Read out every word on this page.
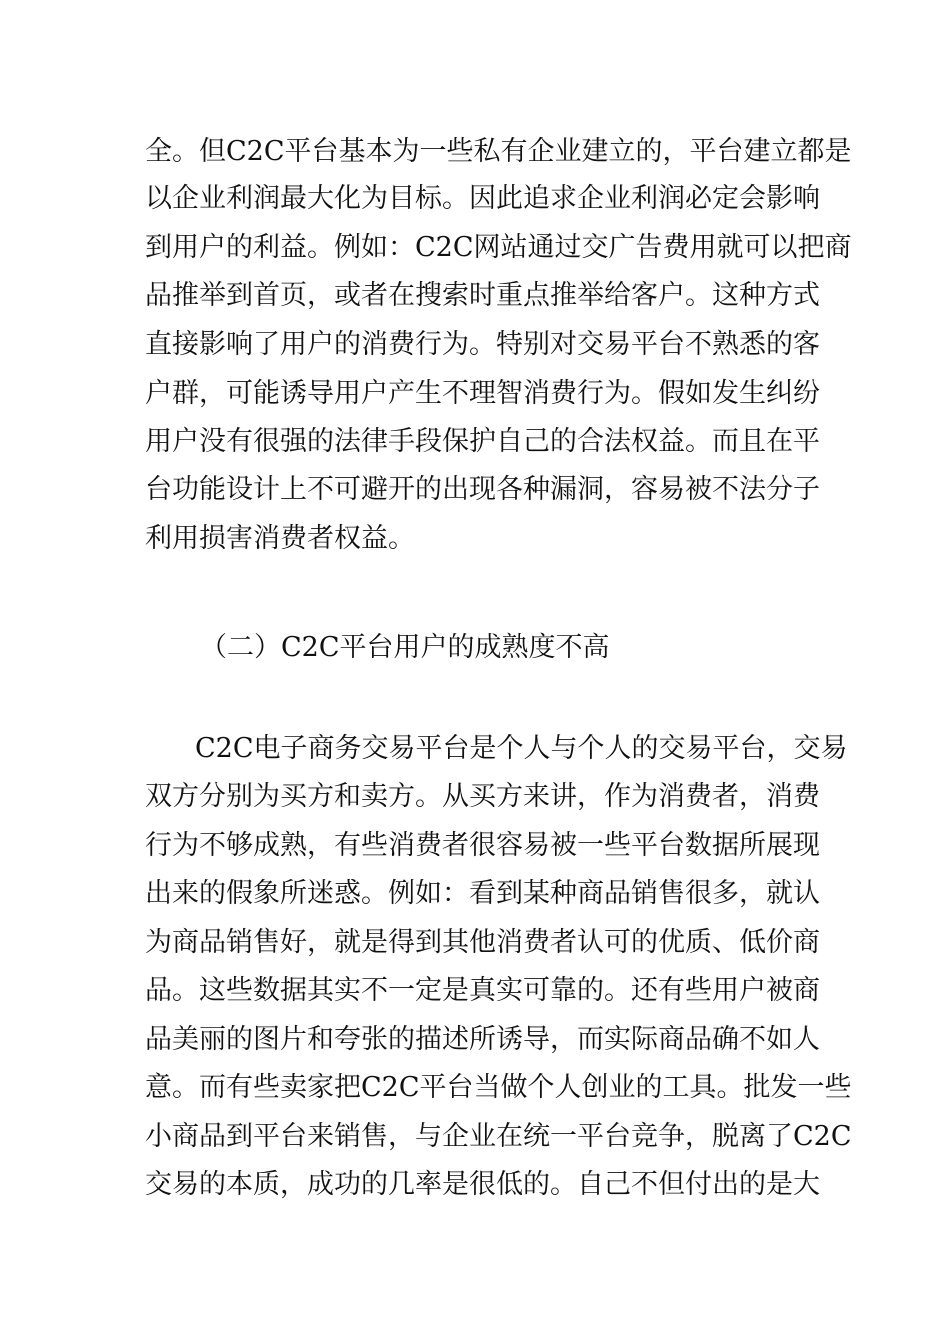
全。但C2C平台基本为一些私有企业建立的，平台建立都是

以企业利润最大化为目标。因此追求企业利润必定会影响

到用户的利益。例如：C2C网站通过交广告费用就可以把商

品推举到首页，或者在搜索时重点推举给客户。这种方式

直接影响了用户的消费行为。特别对交易平台不熟悉的客

户群，可能诱导用户产生不理智消费行为。假如发生纠纷

用户没有很强的法律手段保护自己的合法权益。而且在平

台功能设计上不可避开的出现各种漏洞，容易被不法分子

利用损害消费者权益。

（二）C2C平台用户的成熟度不高

C2C电子商务交易平台是个人与个人的交易平台，交易

双方分别为买方和卖方。从买方来讲，作为消费者，消费

行为不够成熟，有些消费者很容易被一些平台数据所展现

出来的假象所迷惑。例如：看到某种商品销售很多，就认

为商品销售好，就是得到其他消费者认可的优质、低价商

品。这些数据其实不一定是真实可靠的。还有些用户被商

品美丽的图片和夸张的描述所诱导，而实际商品确不如人

意。而有些卖家把C2C平台当做个人创业的工具。批发一些

小商品到平台来销售，与企业在统一平台竞争，脱离了C2C

交易的本质，成功的几率是很低的。自己不但付出的是大
